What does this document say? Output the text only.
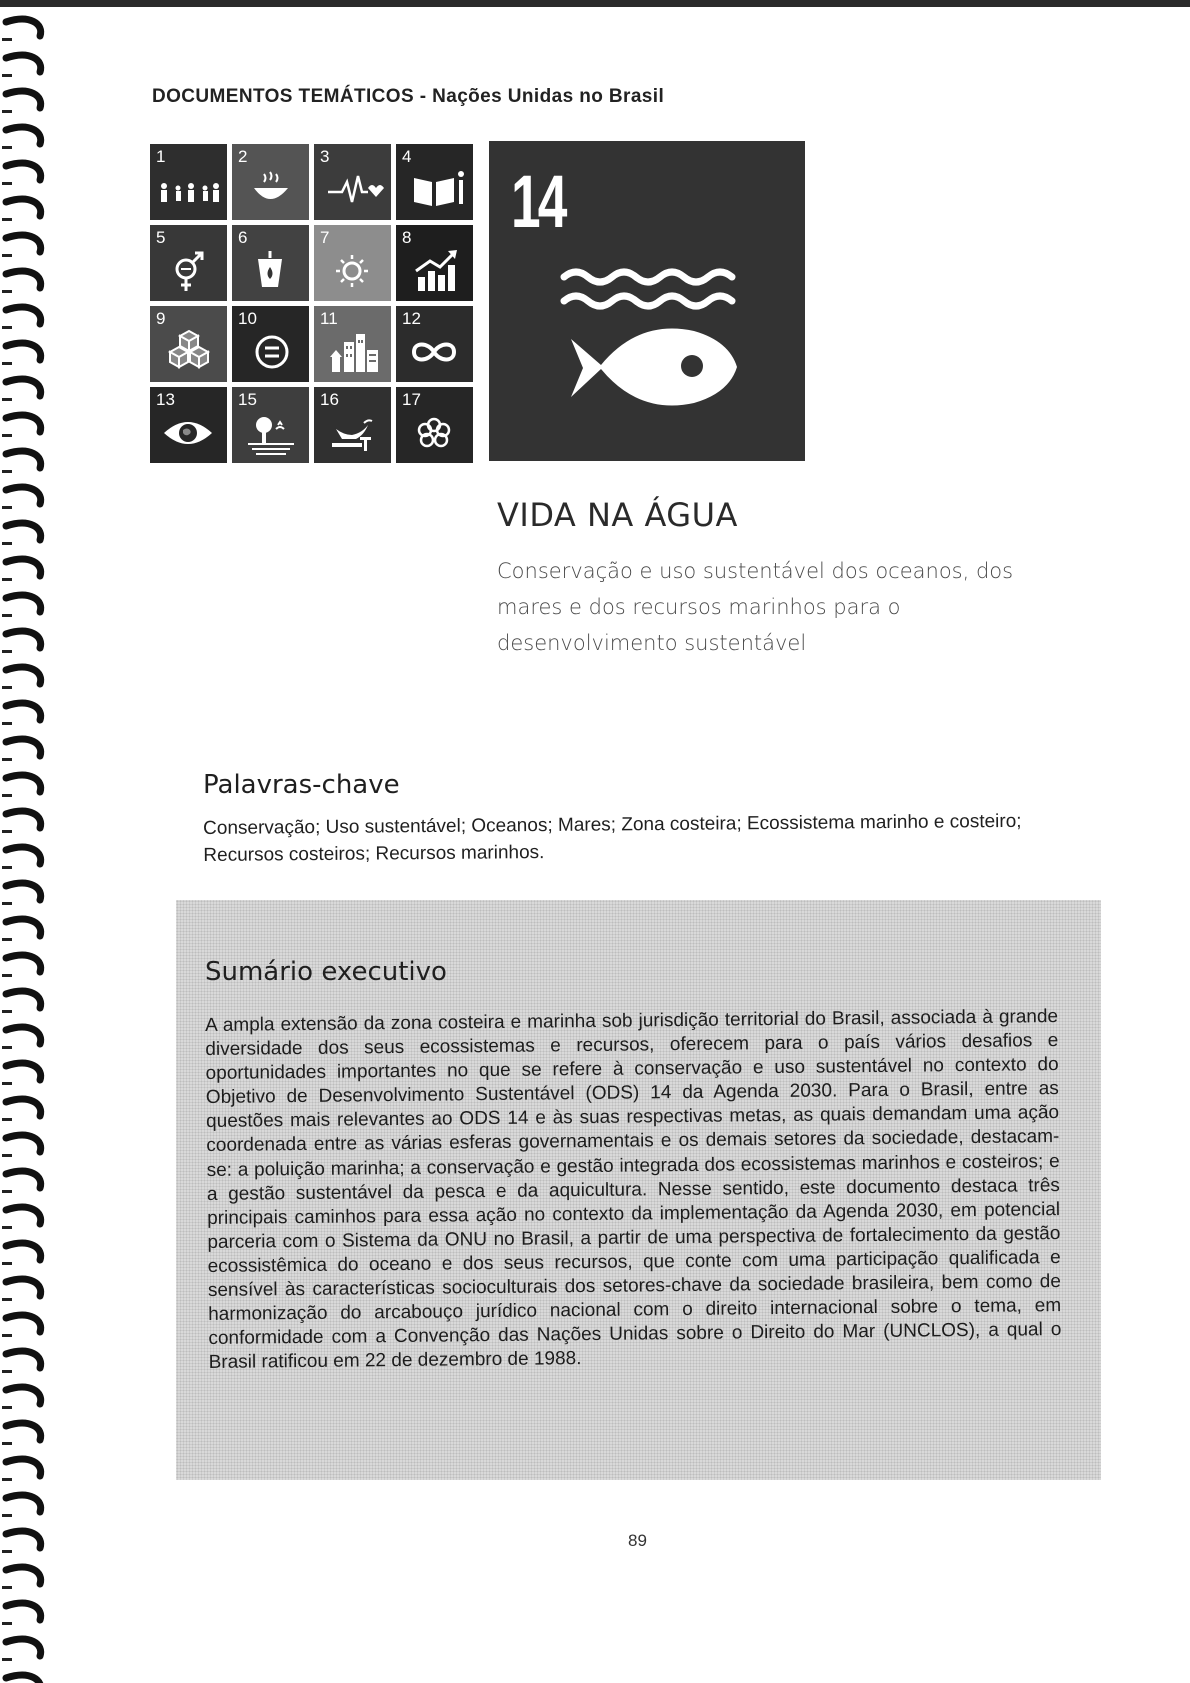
DOCUMENTOS TEMÁTICOS - Nações Unidas no Brasil
1	2	3	4
5	6	7	8
9	10	11	12
13	15	16	17
14
VIDA NA ÁGUA
Conservação e uso sustentável dos oceanos, dos
mares e dos recursos marinhos para o
desenvolvimento sustentável
Palavras-chave
Conservação; Uso sustentável; Oceanos; Mares; Zona costeira; Ecossistema marinho e costeiro; Recursos costeiros; Recursos marinhos.
Sumário executivo
A ampla extensão da zona costeira e marinha sob jurisdição territorial do Brasil, associada à grande diversidade dos seus ecossistemas e recursos, oferecem para o país vários desafios e oportunidades importantes no que se refere à conservação e uso sustentável no contexto do Objetivo de Desenvolvimento Sustentável (ODS) 14 da Agenda 2030. Para o Brasil, entre as questões mais relevantes ao ODS 14 e às suas respectivas metas, as quais demandam uma ação coordenada entre as várias esferas governamentais e os demais setores da sociedade, destacam-se: a poluição marinha; a conservação e gestão integrada dos ecossistemas marinhos e costeiros; e a gestão sustentável da pesca e da aquicultura. Nesse sentido, este documento destaca três principais caminhos para essa ação no contexto da implementação da Agenda 2030, em potencial parceria com o Sistema da ONU no Brasil, a partir de uma perspectiva de fortalecimento da gestão ecossistêmica do oceano e dos seus recursos, que conte com uma participação qualificada e sensível às características socioculturais dos setores-chave da sociedade brasileira, bem como de harmonização do arcabouço jurídico nacional com o direito internacional sobre o tema, em conformidade com a Convenção das Nações Unidas sobre o Direito do Mar (UNCLOS), a qual o Brasil ratificou em 22 de dezembro de 1988.
89
